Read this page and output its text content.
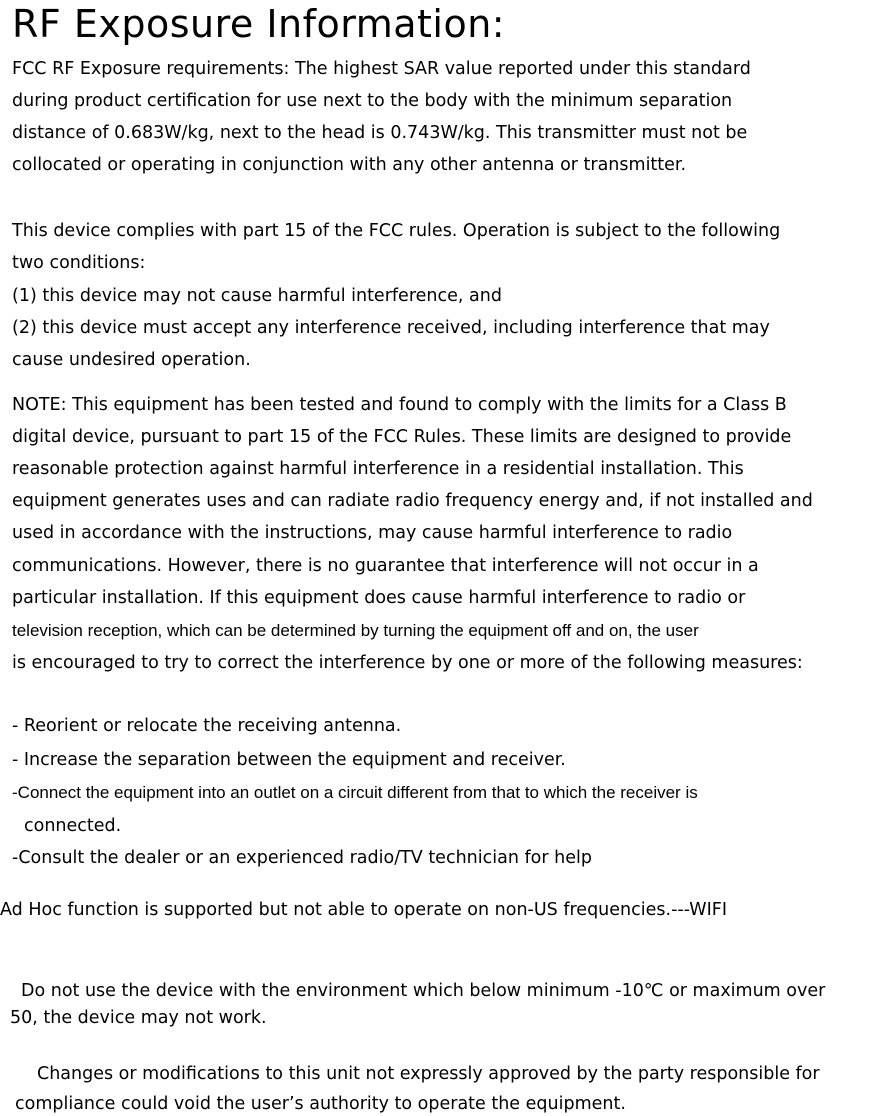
RF Exposure Information:

FCC RF Exposure requirements: The highest SAR value reported under this standard

during product certification for use next to the body with the minimum separation

distance of 0.683W/kg, next to the head is 0.743W/kg. This transmitter must not be

collocated or operating in conjunction with any other antenna or transmitter.

This device complies with part 15 of the FCC rules. Operation is subject to the following

two conditions:

(1) this device may not cause harmful interference, and

(2) this device must accept any interference received, including interference that may

cause undesired operation.

NOTE: This equipment has been tested and found to comply with the limits for a Class B

digital device, pursuant to part 15 of the FCC Rules. These limits are designed to provide

reasonable protection against harmful interference in a residential installation. This

equipment generates uses and can radiate radio frequency energy and, if not installed and

used in accordance with the instructions, may cause harmful interference to radio

communications. However, there is no guarantee that interference will not occur in a

particular installation. If this equipment does cause harmful interference to radio or

television reception, which can be determined by turning the equipment off and on, the user

is encouraged to try to correct the interference by one or more of the following measures:

- Reorient or relocate the receiving antenna.

- Increase the separation between the equipment and receiver.

-Connect the equipment into an outlet on a circuit different from that to which the receiver is

connected.

-Consult the dealer or an experienced radio/TV technician for help

Ad Hoc function is supported but not able to operate on non-US frequencies.---WIFI

Do not use the device with the environment which below minimum -10℃ or maximum over

50, the device may not work.

Changes or modifications to this unit not expressly approved by the party responsible for

compliance could void the user’s authority to operate the equipment.
